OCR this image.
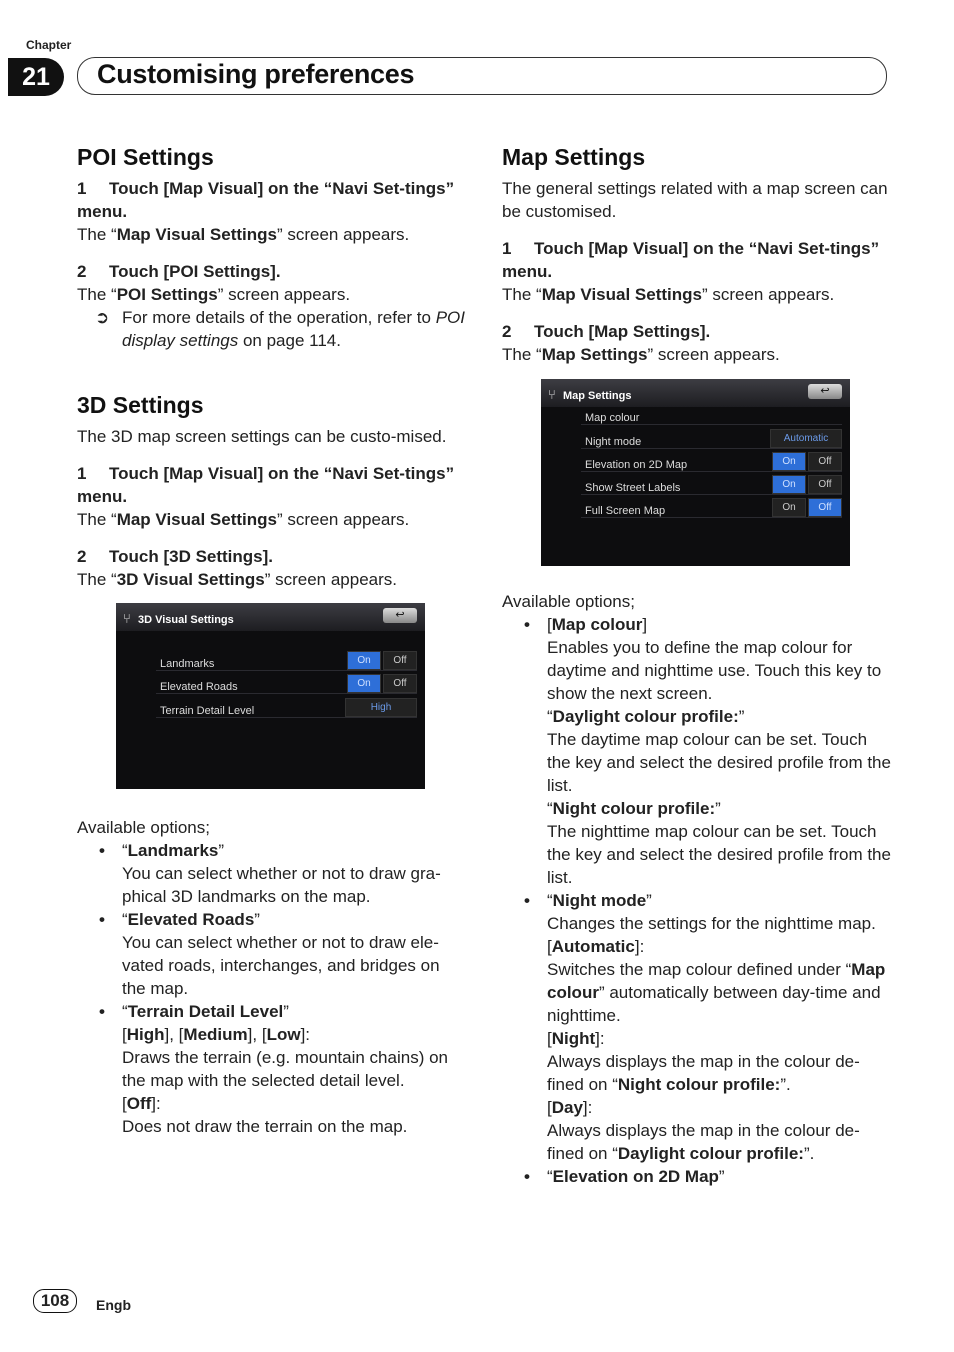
Chapter
21	Customising preferences
POI Settings

1 Touch [Map Visual] on the “Navi Set-tings” menu.

The “Map Visual Settings” screen appears.

2 Touch [POI Settings].

The “POI Settings” screen appears.

➲ For more details of the operation, refer to POI display settings on page 114.
3D Settings

The 3D map screen settings can be custo-mised.

1 Touch [Map Visual] on the “Navi Set-tings” menu.

The “Map Visual Settings” screen appears.

2 Touch [3D Settings].

The “3D Visual Settings” screen appears.

⑂ 3D Visual Settings	↩
Landmarks	On	Off
Elevated Roads	On	Off
Terrain Detail Level	High

Available options;

• “Landmarks”

You can select whether or not to draw gra-phical 3D landmarks on the map.

• “Elevated Roads”

You can select whether or not to draw ele-vated roads, interchanges, and bridges on the map.

• “Terrain Detail Level”

[High], [Medium], [Low]:

Draws the terrain (e.g. mountain chains) on the map with the selected detail level.

[Off]:

Does not draw the terrain on the map.

Map Settings

The general settings related with a map screen can be customised.

1 Touch [Map Visual] on the “Navi Set-tings” menu.

The “Map Visual Settings” screen appears.

2 Touch [Map Settings].

The “Map Settings” screen appears.

⑂ Map Settings	↩
Map colour
Night mode	Automatic
Elevation on 2D Map	On	Off
Show Street Labels	On	Off
Full Screen Map	On	Off

Available options;

• [Map colour]

Enables you to define the map colour for daytime and nighttime use. Touch this key to show the next screen.

“Daylight colour profile:”

The daytime map colour can be set. Touch the key and select the desired profile from the list.

“Night colour profile:”

The nighttime map colour can be set. Touch the key and select the desired profile from the list.

• “Night mode”

Changes the settings for the nighttime map.

[Automatic]:

Switches the map colour defined under “Map colour” automatically between day-time and nighttime.

[Night]:

Always displays the map in the colour de-fined on “Night colour profile:”.

[Day]:

Always displays the map in the colour de-fined on “Daylight colour profile:”.

• “Elevation on 2D Map”
108	Engb
